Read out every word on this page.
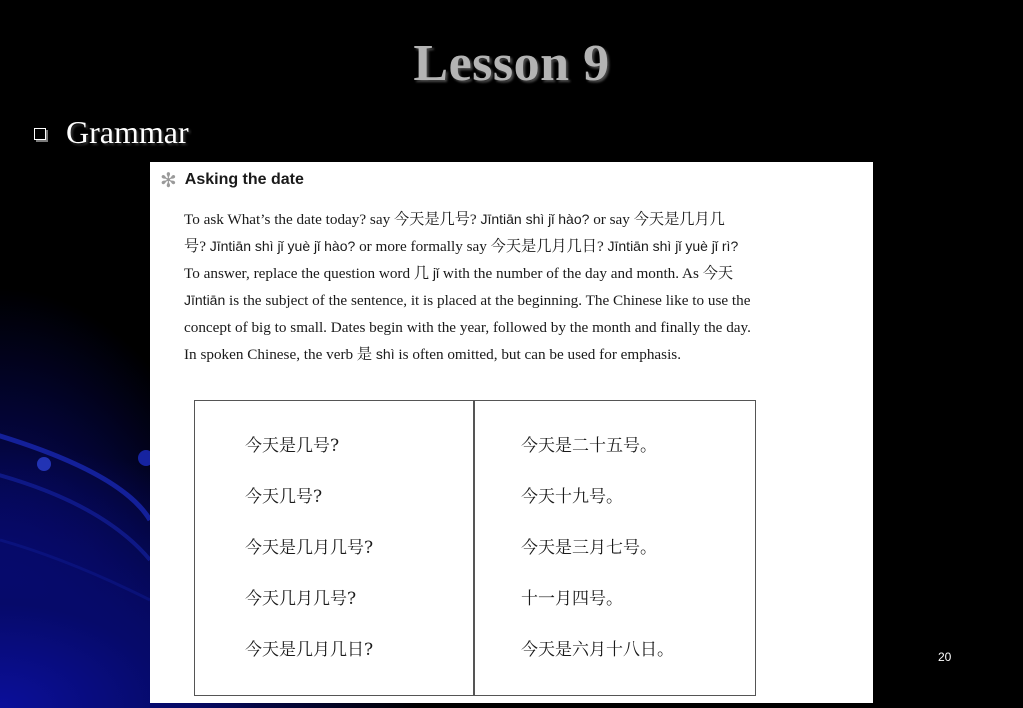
Lesson 9
Grammar
✻ Asking the date
To ask What’s the date today? say 今天是几号? Jīntiān shì jǐ hào? or say 今天是几月几
号? Jīntiān shì jǐ yuè jǐ hào? or more formally say 今天是几月几日? Jīntiān shì jǐ yuè jǐ rì?
To answer, replace the question word 几 jǐ with the number of the day and month. As 今天
Jīntiān is the subject of the sentence, it is placed at the beginning. The Chinese like to use the
concept of big to small. Dates begin with the year, followed by the month and finally the day.
In spoken Chinese, the verb 是 shì is often omitted, but can be used for emphasis.
今天是几号?
今天几号?
今天是几月几号?
今天几月几号?
今天是几月几日?
今天是二十五号。
今天十九号。
今天是三月七号。
十一月四号。
今天是六月十八日。	20
